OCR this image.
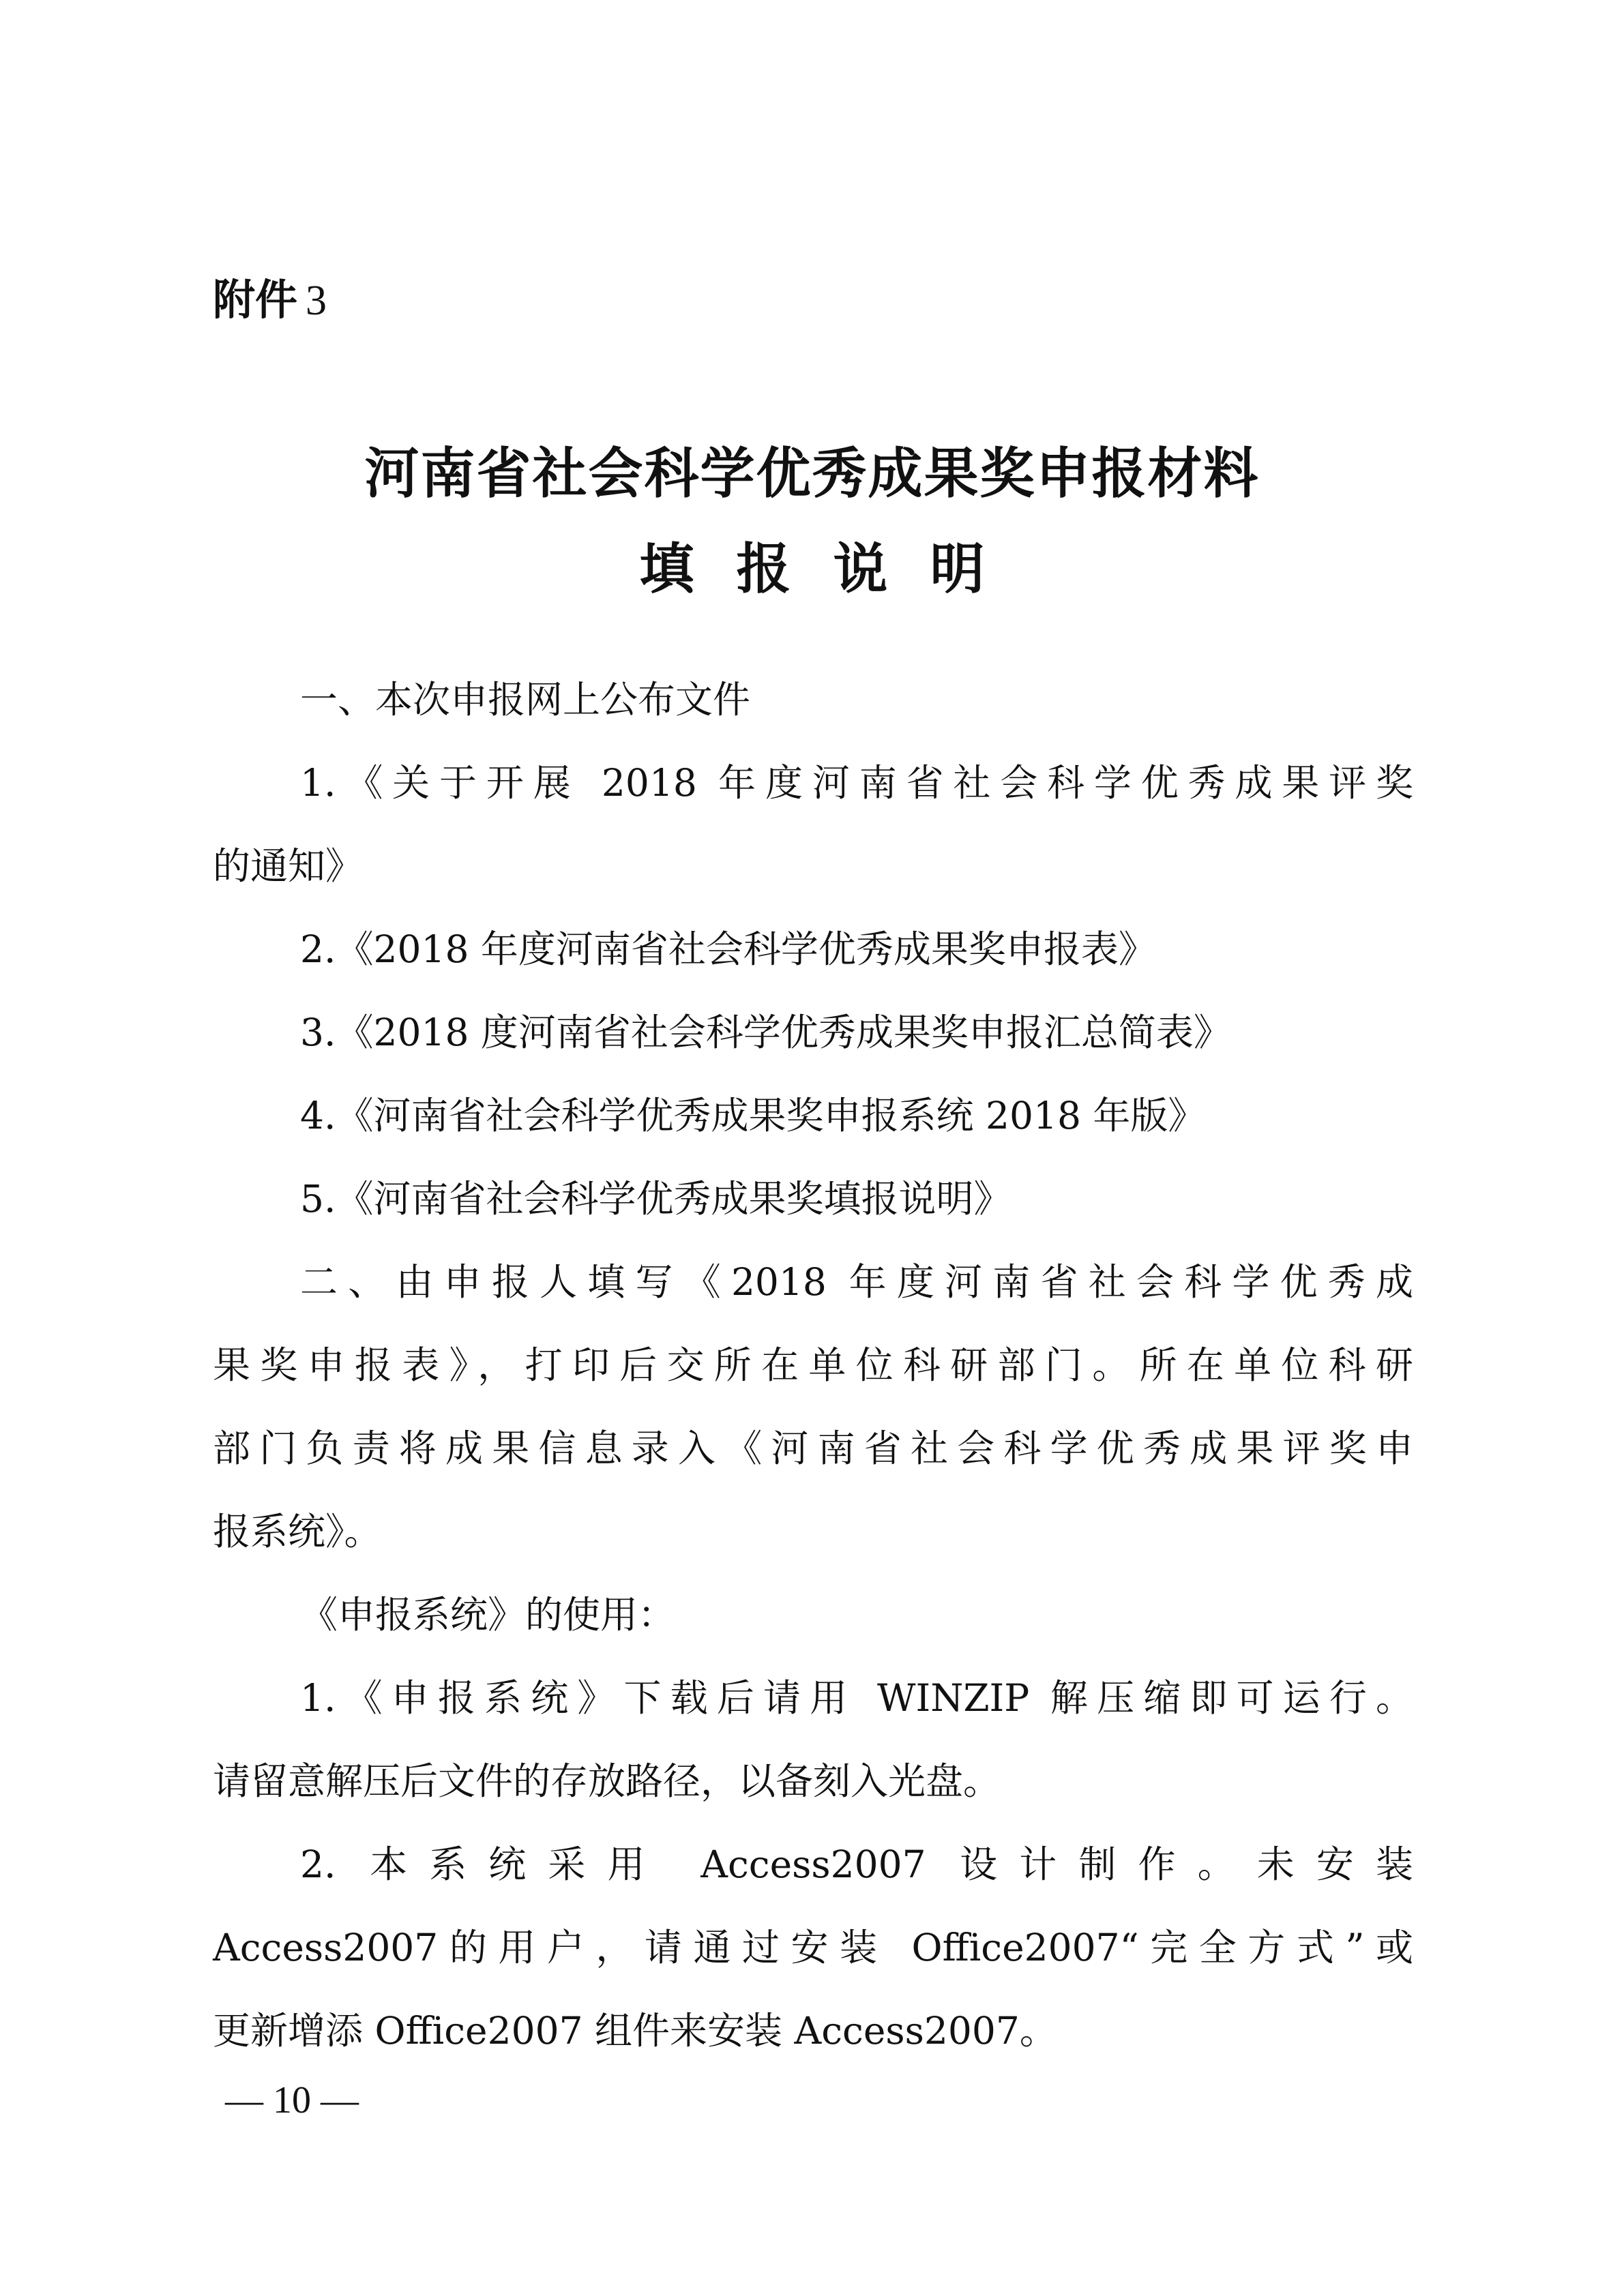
附件 3
河南省社会科学优秀成果奖申报材料
填报说明

一、本次申报网上公布文件

1.《关于开展 2018 年度河南省社会科学优秀成果评奖

的通知》

2.《2018 年度河南省社会科学优秀成果奖申报表》

3.《2018 度河南省社会科学优秀成果奖申报汇总简表》

4.《河南省社会科学优秀成果奖申报系统 2018 年版》

5.《河南省社会科学优秀成果奖填报说明》

二、由申报人填写《2018 年度河南省社会科学优秀成

果奖申报表》，打印后交所在单位科研部门。所在单位科研

部门负责将成果信息录入《河南省社会科学优秀成果评奖申

报系统》。

《申报系统》的使用：

1.《申报系统》下载后请用 WINZIP 解压缩即可运行。

请留意解压后文件的存放路径，以备刻入光盘。

2. 本系统采用 Access2007 设计制作。未安装

Access2007的用户，请通过安装 Office2007“完全方式”或

更新增添 Office2007 组件来安装 Access2007。

— 10 —
